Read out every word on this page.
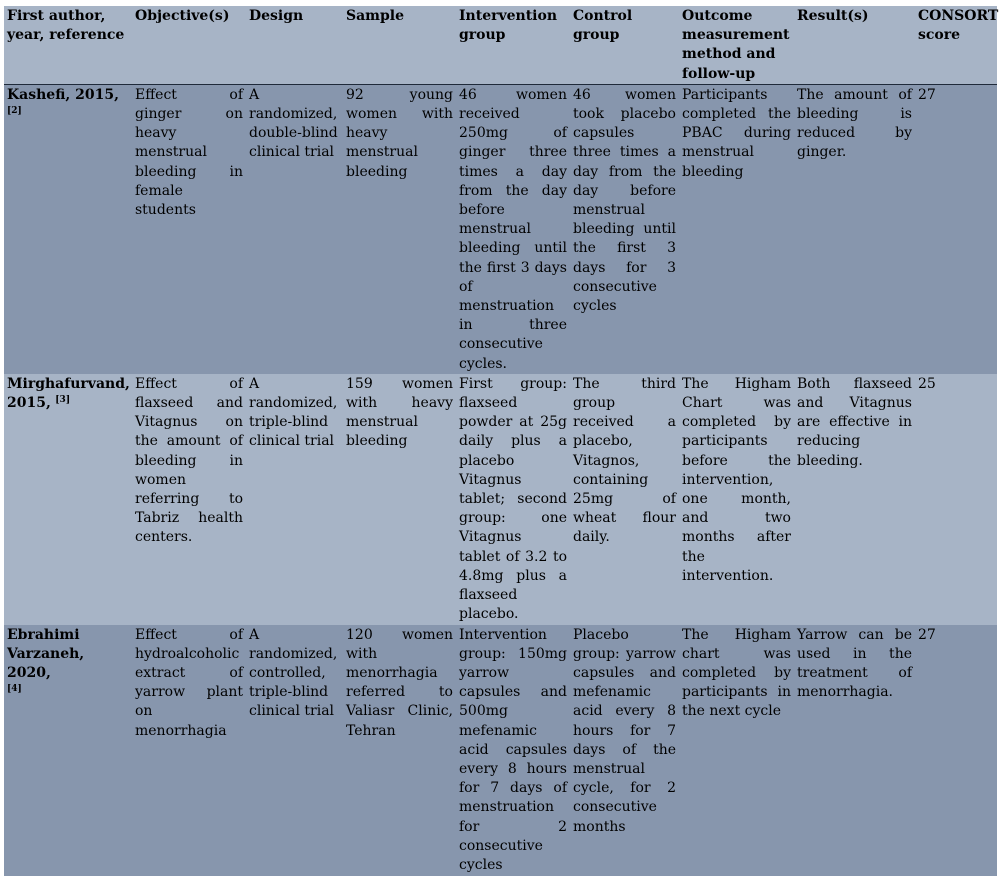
First author, year, reference	Objective(s)	Design	Sample	Intervention group	Control group	Outcome measurement method and follow-up	Result(s)	CONSORT score
Kashefi, 2015,
[2]	Effect of ginger on heavy menstrual bleeding in female students	A randomized, double-blind clinical trial	92 young women with heavy menstrual bleeding	46 women received 250mg of ginger three times a day from the day before menstrual bleeding until the first 3 days of menstruation in three consecutive cycles.	46 women took placebo capsules three times a day from the day before menstrual bleeding until the first 3 days for 3 consecutive cycles	Participants completed the PBAC during menstrual bleeding	The amount of bleeding is reduced by ginger.	27
Mirghafurvand, 2015, [3]	Effect of flaxseed and Vitagnus on the amount of bleeding in women referring to Tabriz health centers.	A randomized, triple-blind clinical trial	159 women with heavy menstrual bleeding	First group: flaxseed powder at 25g daily plus a placebo Vitagnus tablet; second group: one Vitagnus tablet of 3.2 to 4.8mg plus a flaxseed placebo.	The third group received a placebo, Vitagnos, containing 25mg of wheat flour daily.	The Higham Chart was completed by participants before the intervention, one month, and two months after the intervention.	Both flaxseed and Vitagnus are effective in reducing bleeding.	25
Ebrahimi Varzaneh, 2020,
[4]	Effect of hydroalcoholic extract of yarrow plant on menorrhagia	A randomized, controlled, triple-blind clinical trial	120 women with menorrhagia referred to Valiasr Clinic, Tehran	Intervention group: 150mg yarrow capsules and 500mg mefenamic acid capsules every 8 hours for 7 days of menstruation for 2 consecutive cycles	Placebo group: yarrow capsules and mefenamic acid every 8 hours for 7 days of the menstrual cycle, for 2 consecutive months	The Higham chart was completed by participants in the next cycle	Yarrow can be used in the treatment of menorrhagia.	27
